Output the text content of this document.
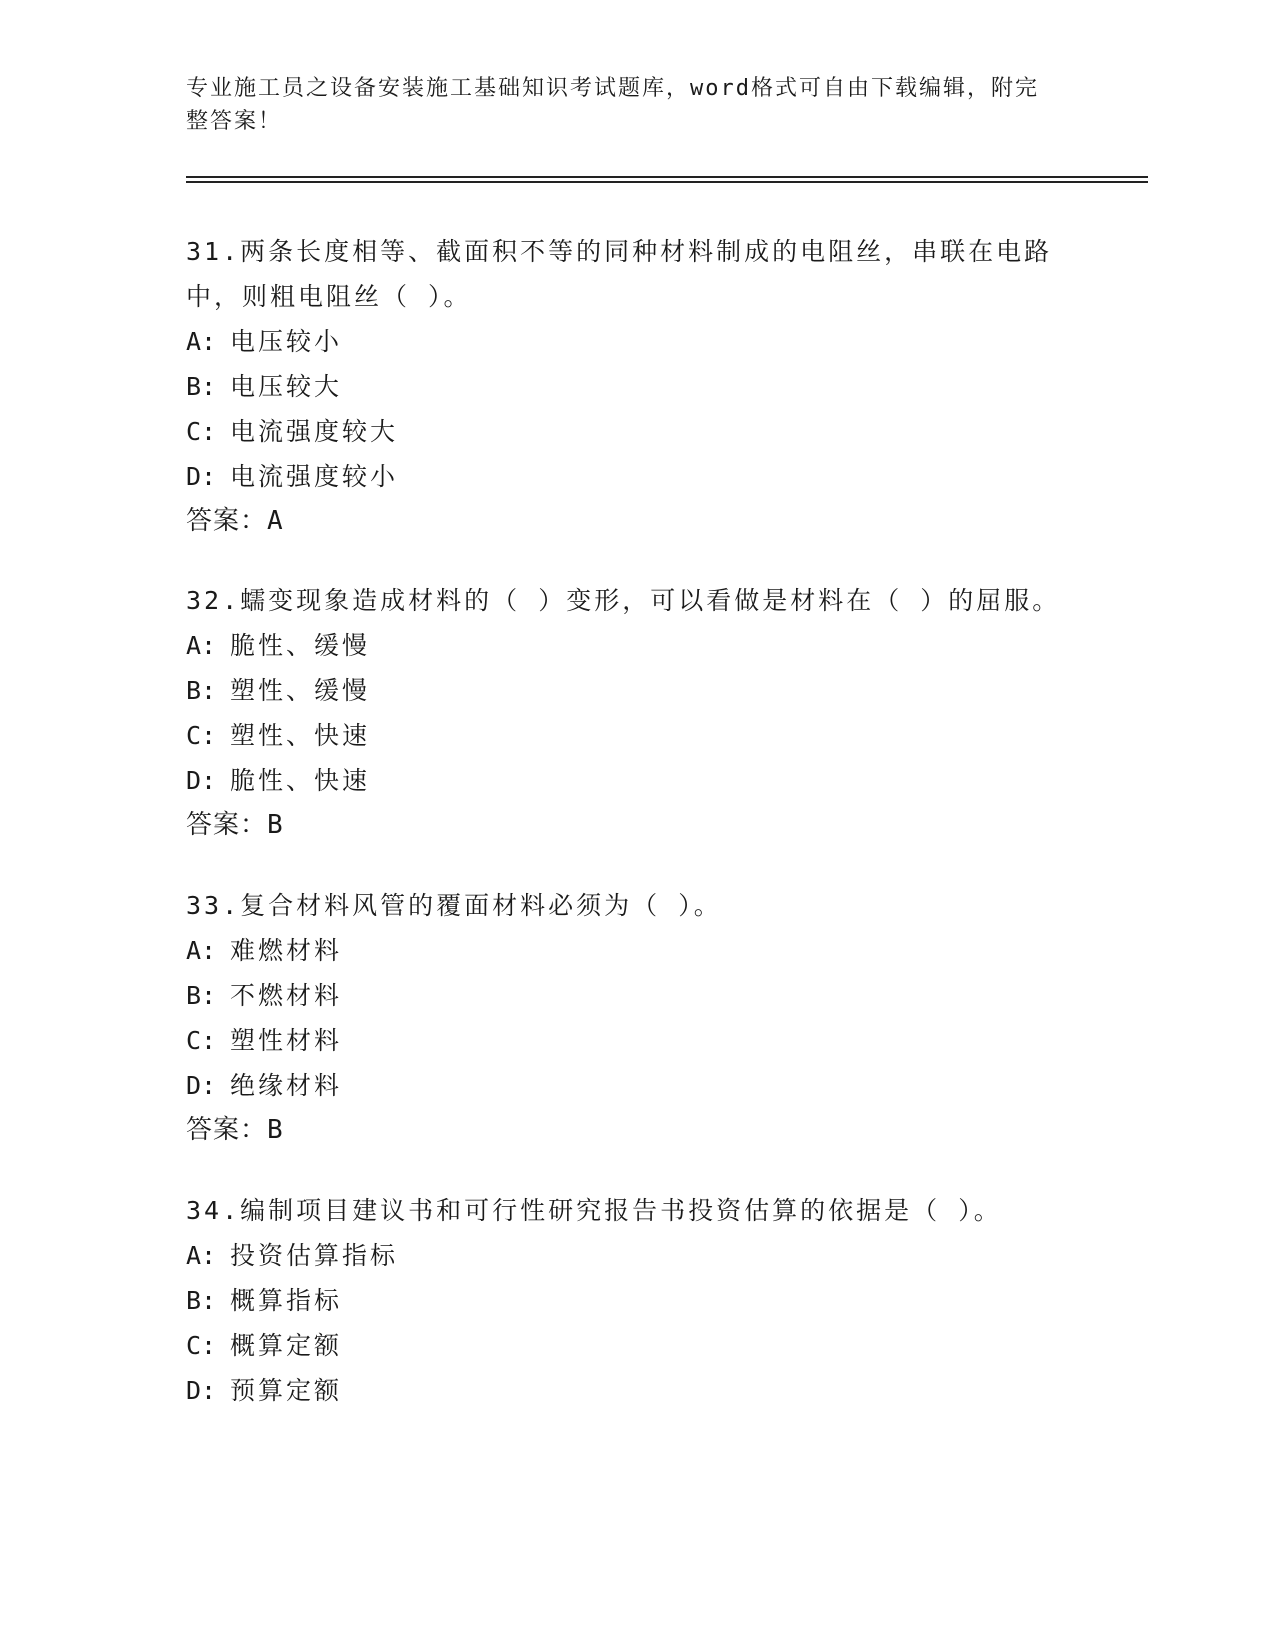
专业施工员之设备安装施工基础知识考试题库，word格式可自由下载编辑，附完
整答案！
31.两条长度相等、截面积不等的同种材料制成的电阻丝，串联在电路
中，则粗电阻丝（ ）。
A: 电压较小
B: 电压较大
C: 电流强度较大
D: 电流强度较小
答案：A
32.蠕变现象造成材料的（ ）变形，可以看做是材料在（ ）的屈服。
A: 脆性、缓慢
B: 塑性、缓慢
C: 塑性、快速
D: 脆性、快速
答案：B
33.复合材料风管的覆面材料必须为（ ）。
A: 难燃材料
B: 不燃材料
C: 塑性材料
D: 绝缘材料
答案：B
34.编制项目建议书和可行性研究报告书投资估算的依据是（ ）。
A: 投资估算指标
B: 概算指标
C: 概算定额
D: 预算定额
